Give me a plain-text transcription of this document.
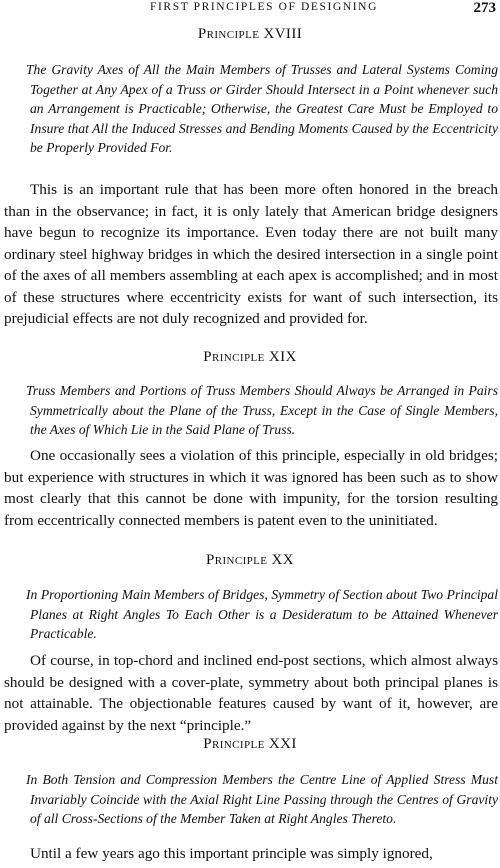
FIRST PRINCIPLES OF DESIGNING	273
Principle XVIII
The Gravity Axes of All the Main Members of Trusses and Lateral Systems Coming Together at Any Apex of a Truss or Girder Should Intersect in a Point whenever such an Arrangement is Practicable; Otherwise, the Greatest Care Must be Employed to Insure that All the Induced Stresses and Bending Moments Caused by the Eccentricity be Properly Provided For.
This is an important rule that has been more often honored in the breach than in the observance; in fact, it is only lately that American bridge designers have begun to recognize its importance. Even today there are not built many ordinary steel highway bridges in which the desired intersection in a single point of the axes of all members assembling at each apex is accomplished; and in most of these structures where eccentricity exists for want of such intersection, its prejudicial effects are not duly recognized and provided for.
Principle XIX
Truss Members and Portions of Truss Members Should Always be Arranged in Pairs Symmetrically about the Plane of the Truss, Except in the Case of Single Members, the Axes of Which Lie in the Said Plane of Truss.
One occasionally sees a violation of this principle, especially in old bridges; but experience with structures in which it was ignored has been such as to show most clearly that this cannot be done with impunity, for the torsion resulting from eccentrically connected members is patent even to the uninitiated.
Principle XX
In Proportioning Main Members of Bridges, Symmetry of Section about Two Principal Planes at Right Angles To Each Other is a Desideratum to be Attained Whenever Practicable.
Of course, in top-chord and inclined end-post sections, which almost always should be designed with a cover-plate, symmetry about both principal planes is not attainable. The objectionable features caused by want of it, however, are provided against by the next “principle.”
Principle XXI
In Both Tension and Compression Members the Centre Line of Applied Stress Must Invariably Coincide with the Axial Right Line Passing through the Centres of Gravity of all Cross-Sections of the Member Taken at Right Angles Thereto.
Until a few years ago this important principle was simply ignored,
